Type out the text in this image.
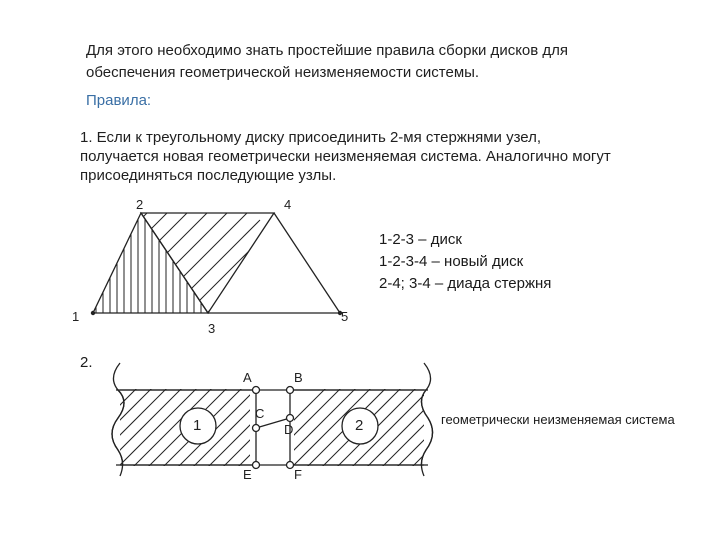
Для этого необходимо знать простейшие правила сборки дисков для
обеспечения геометрической неизменяемости системы.
Правила:
1. Если к треугольному диску присоединить 2-мя стержнями узел,
получается новая геометрически неизменяемая система. Аналогично могут
присоединяться последующие узлы.
1
2
3
4
5
1-2-3 – диск
1-2-3-4 – новый диск
2-4; 3-4 – диада стержня
2.
1	2
A	B
C
D
E	F
геометрически неизменяемая система
